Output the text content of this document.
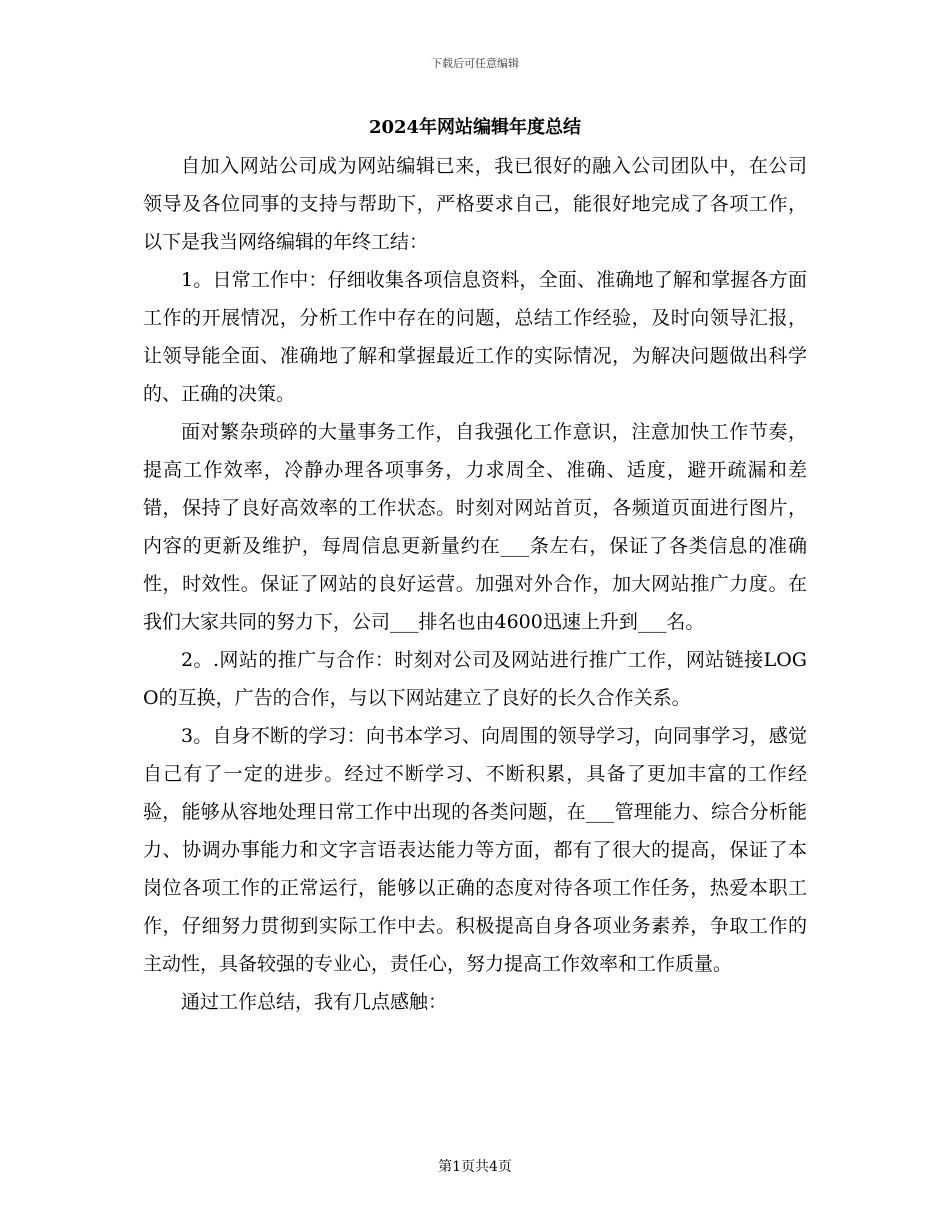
下载后可任意编辑
2024年网站编辑年度总结

自加入网站公司成为网站编辑已来，我已很好的融入公司团队中，在公司领导及各位同事的支持与帮助下，严格要求自己，能很好地完成了各项工作，以下是我当网络编辑的年终工结：

1。日常工作中：仔细收集各项信息资料，全面、准确地了解和掌握各方面工作的开展情况，分析工作中存在的问题，总结工作经验，及时向领导汇报，让领导能全面、准确地了解和掌握最近工作的实际情况，为解决问题做出科学的、正确的决策。

面对繁杂琐碎的大量事务工作，自我强化工作意识，注意加快工作节奏，提高工作效率，冷静办理各项事务，力求周全、准确、适度，避开疏漏和差错，保持了良好高效率的工作状态。时刻对网站首页，各频道页面进行图片，内容的更新及维护，每周信息更新量约在___条左右，保证了各类信息的准确性，时效性。保证了网站的良好运营。加强对外合作，加大网站推广力度。在我们大家共同的努力下，公司___排名也由4600迅速上升到___名。

2。.网站的推广与合作：时刻对公司及网站进行推广工作，网站链接LOGO的互换，广告的合作，与以下网站建立了良好的长久合作关系。

3。自身不断的学习：向书本学习、向周围的领导学习，向同事学习，感觉自己有了一定的进步。经过不断学习、不断积累，具备了更加丰富的工作经验，能够从容地处理日常工作中出现的各类问题，在___管理能力、综合分析能力、协调办事能力和文字言语表达能力等方面，都有了很大的提高，保证了本岗位各项工作的正常运行，能够以正确的态度对待各项工作任务，热爱本职工作，仔细努力贯彻到实际工作中去。积极提高自身各项业务素养，争取工作的主动性，具备较强的专业心，责任心，努力提高工作效率和工作质量。

通过工作总结，我有几点感触：

第1页共4页
